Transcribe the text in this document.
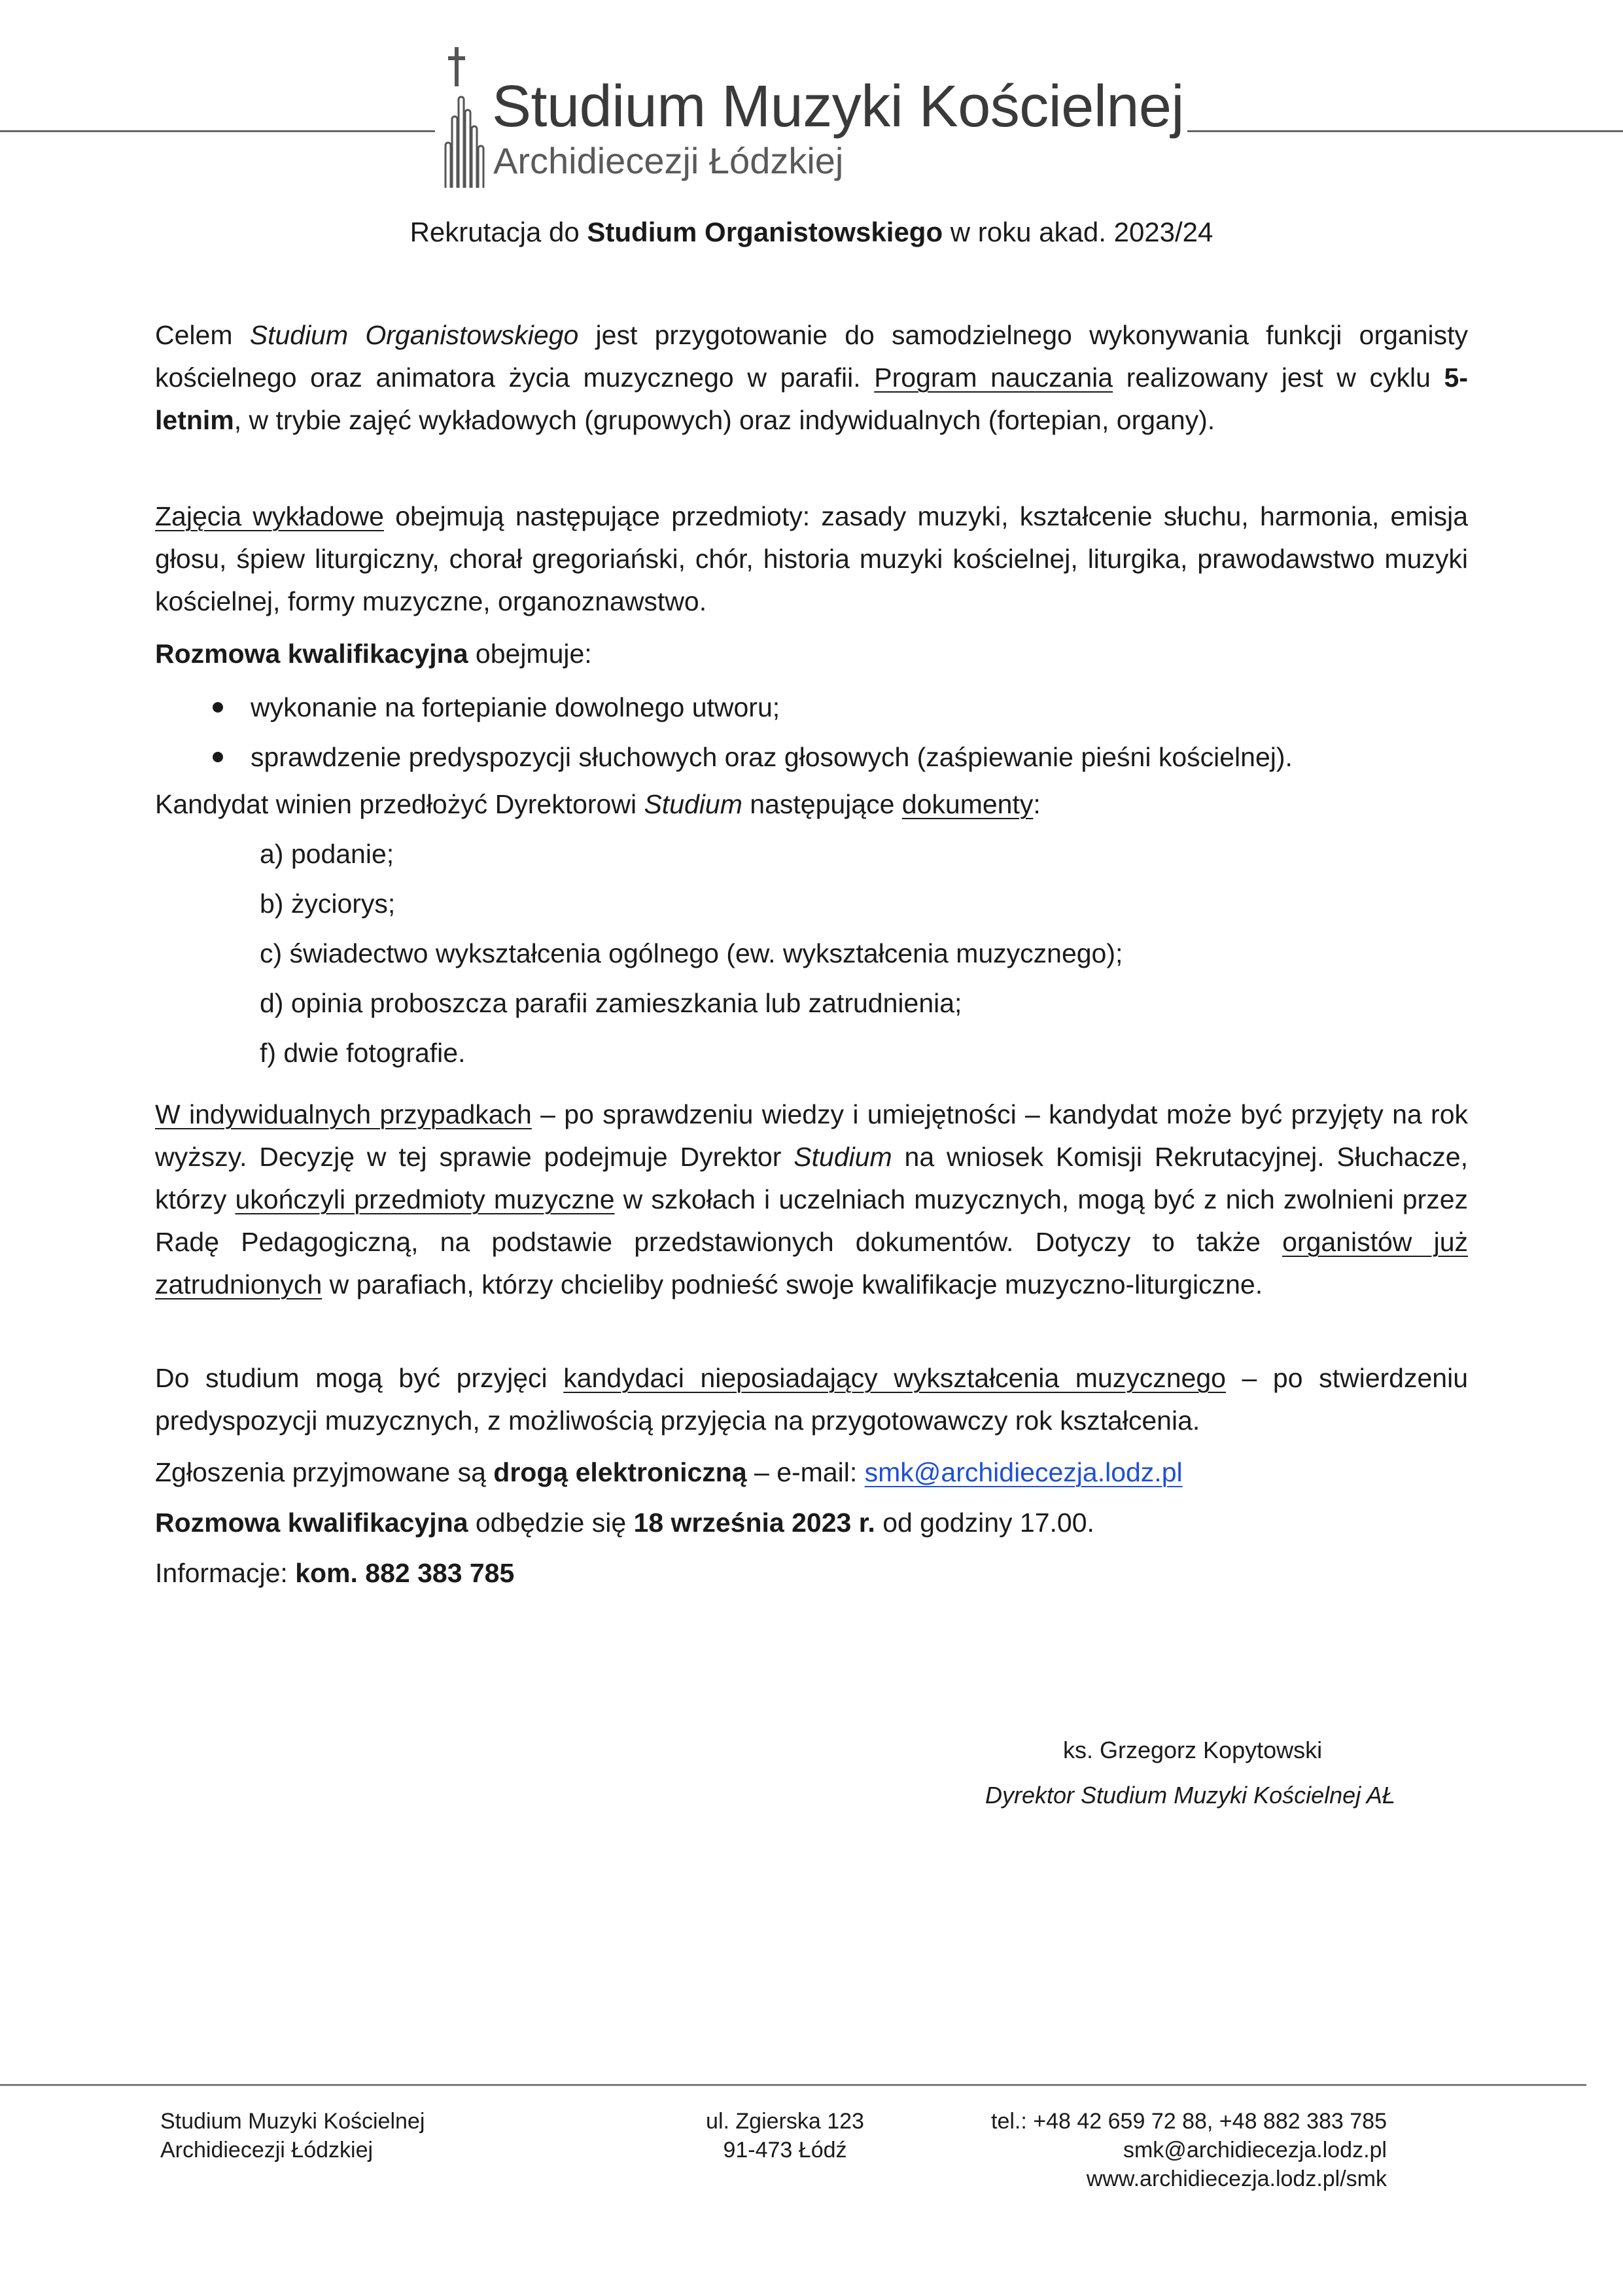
Studium Muzyki Kościelnej
Archidiecezji Łódzkiej
Rekrutacja do Studium Organistowskiego w roku akad. 2023/24
Celem Studium Organistowskiego jest przygotowanie do samodzielnego wykonywania funkcji organisty kościelnego oraz animatora życia muzycznego w parafii. Program nauczania realizowany jest w cyklu 5-letnim, w trybie zajęć wykładowych (grupowych) oraz indywidualnych (fortepian, organy).
Zajęcia wykładowe obejmują następujące przedmioty: zasady muzyki, kształcenie słuchu, harmonia, emisja głosu, śpiew liturgiczny, chorał gregoriański, chór, historia muzyki kościelnej, liturgika, prawodawstwo muzyki kościelnej, formy muzyczne, organoznawstwo.
Rozmowa kwalifikacyjna obejmuje:
wykonanie na fortepianie dowolnego utworu;
sprawdzenie predyspozycji słuchowych oraz głosowych (zaśpiewanie pieśni kościelnej).
Kandydat winien przedłożyć Dyrektorowi Studium następujące dokumenty:
a) podanie;
b) życiorys;
c) świadectwo wykształcenia ogólnego (ew. wykształcenia muzycznego);
d) opinia proboszcza parafii zamieszkania lub zatrudnienia;
f) dwie fotografie.
W indywidualnych przypadkach – po sprawdzeniu wiedzy i umiejętności – kandydat może być przyjęty na rok wyższy. Decyzję w tej sprawie podejmuje Dyrektor Studium na wniosek Komisji Rekrutacyjnej. Słuchacze, którzy ukończyli przedmioty muzyczne w szkołach i uczelniach muzycznych, mogą być z nich zwolnieni przez Radę Pedagogiczną, na podstawie przedstawionych dokumentów. Dotyczy to także organistów już zatrudnionych w parafiach, którzy chcieliby podnieść swoje kwalifikacje muzyczno-liturgiczne.
Do studium mogą być przyjęci kandydaci nieposiadający wykształcenia muzycznego – po stwierdzeniu predyspozycji muzycznych, z możliwością przyjęcia na przygotowawczy rok kształcenia.
Zgłoszenia przyjmowane są drogą elektroniczną – e-mail: smk@archidiecezja.lodz.pl
Rozmowa kwalifikacyjna odbędzie się 18 września 2023 r. od godziny 17.00.
Informacje: kom. 882 383 785
ks. Grzegorz Kopytowski
Dyrektor Studium Muzyki Kościelnej AŁ
Studium Muzyki Kościelnej
Archidiecezji Łódzkiej
ul. Zgierska 123
91-473 Łódź
tel.: +48 42 659 72 88, +48 882 383 785
smk@archidiecezja.lodz.pl
www.archidiecezja.lodz.pl/smk
